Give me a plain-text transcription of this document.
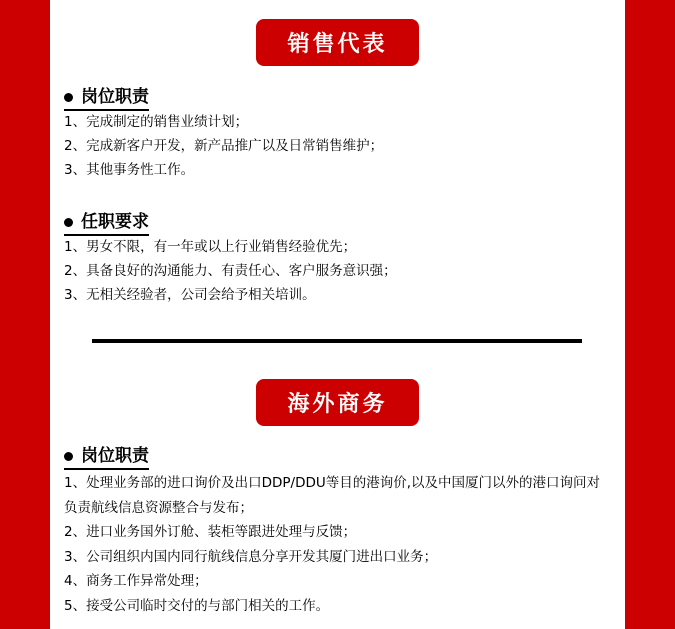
销售代表
岗位职责
1、完成制定的销售业绩计划；
2、完成新客户开发，新产品推广以及日常销售维护；
3、其他事务性工作。
任职要求
1、男女不限，有一年或以上行业销售经验优先；
2、具备良好的沟通能力、有责任心、客户服务意识强；
3、无相关经验者，公司会给予相关培训。
海外商务
岗位职责
1、处理业务部的进口询价及出口DDP/DDU等目的港询价,以及中国厦门以外的港口询问对负责航线信息资源整合与发布；
2、进口业务国外订舱、装柜等跟进处理与反馈；
3、公司组织内国内同行航线信息分享开发其厦门进出口业务；
4、商务工作异常处理；
5、接受公司临时交付的与部门相关的工作。
